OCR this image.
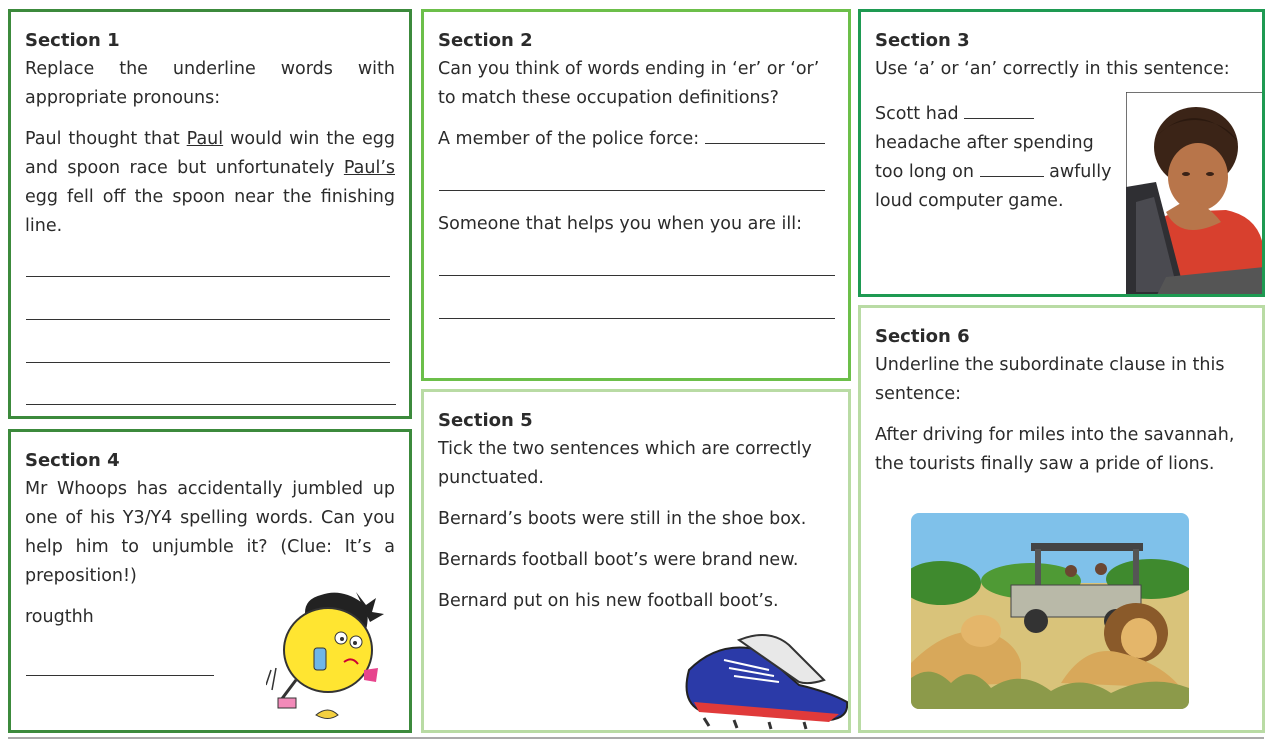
Section 1

Replace the underline words with appropriate pronouns:

Paul thought that Paul would win the egg and spoon race but unfortunately Paul’s egg fell off the spoon near the finishing line.

Section 2

Can you think of words ending in ‘er’ or ‘or’ to match these occupation definitions?

A member of the police force:

Someone that helps you when you are ill:

Section 3

Use ‘a’ or ‘an’ correctly in this sentence:

Scott had

headache after spending

too long on	awfully

loud computer game.

Section 4

Mr Whoops has accidentally jumbled up one of his Y3/Y4 spelling words. Can you help him to unjumble it? (Clue: It’s a preposition!)

rougthh

Section 5

Tick the two sentences which are correctly punctuated.

Bernard’s boots were still in the shoe box.

Bernards football boot’s were brand new.

Bernard put on his new football boot’s.

Section 6

Underline the subordinate clause in this sentence:

After driving for miles into the savannah, the tourists finally saw a pride of lions.
